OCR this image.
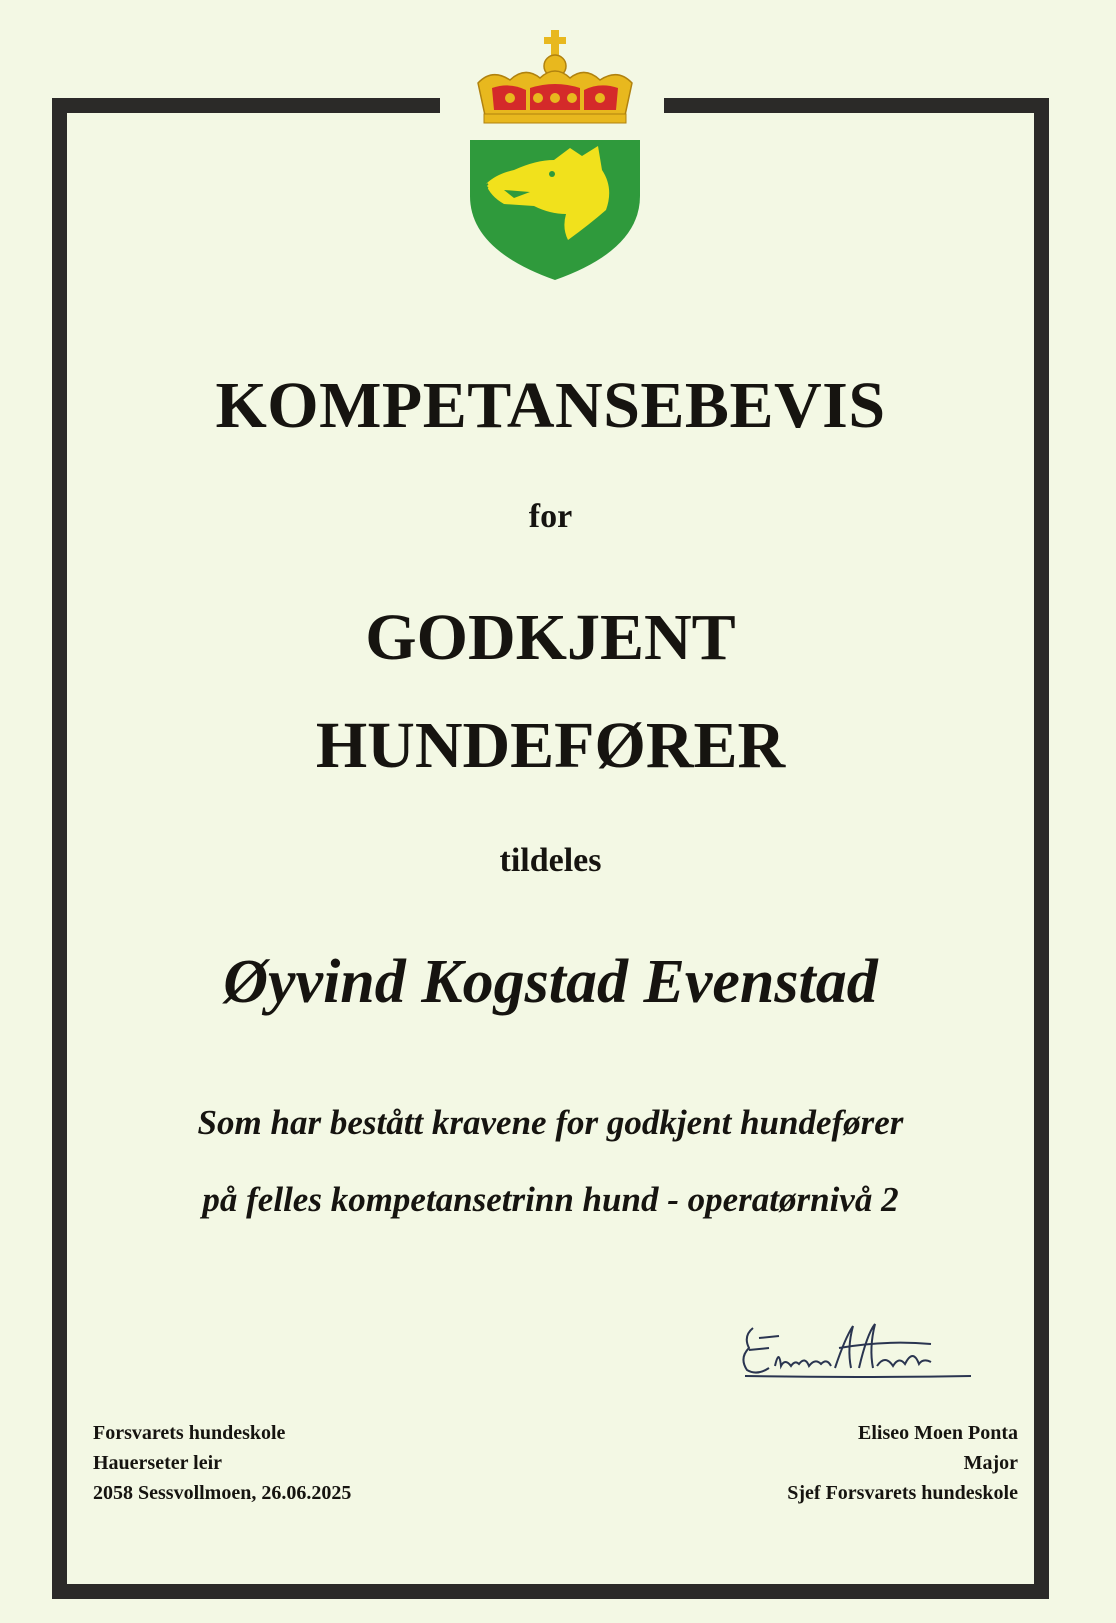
KOMPETANSEBEVIS
for
GODKJENT
HUNDEFØRER
tildeles
Øyvind Kogstad Evenstad
Som har bestått kravene for godkjent hundefører
på felles kompetansetrinn hund - operatørnivå 2
Forsvarets hundeskole
Hauerseter leir
2058 Sessvollmoen, 26.06.2025
Eliseo Moen Ponta
Major
Sjef Forsvarets hundeskole
